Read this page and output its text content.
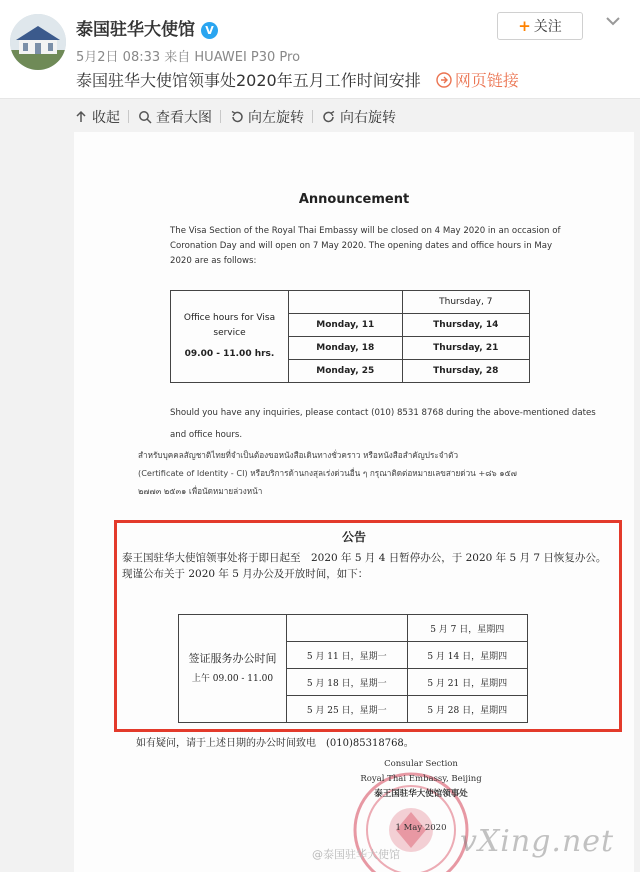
泰国驻华大使馆 V
5月2日 08:33 来自 HUAWEI P30 Pro
+ 关注
泰国驻华大使馆领事处2020年五月工作时间安排 网页链接
收起	查看大图	向左旋转	向右旋转
Announcement
The Visa Section of the Royal Thai Embassy will be closed on 4 May 2020 in an occasion of Coronation Day and will open on 7 May 2020. The opening dates and office hours in May 2020 are as follows:
Office hours for Visa service
09.00 - 11.00 hrs.		Thursday, 7
	Monday, 11	Thursday, 14
	Monday, 18	Thursday, 21
	Monday, 25	Thursday, 28
Should you have any inquiries, please contact (010) 8531 8768 during the above-mentioned dates and office hours.
สำหรับบุคคลสัญชาติไทยที่จำเป็นต้องขอหนังสือเดินทางชั่วคราว หรือหนังสือสำคัญประจำตัว
(Certificate of Identity - CI) หรือบริการด้านกงสุลเร่งด่วนอื่น ๆ กรุณาติดต่อหมายเลขสายด่วน +๘๖ ๑๕๗
๒๗๗๓ ๒๕๓๑ เพื่อนัดหมายล่วงหน้า
公告
泰王国驻华大使馆领事处将于即日起至　2020 年 5 月 4 日暂停办公，于 2020 年 5 月 7 日恢复办公。现谨公布关于 2020 年 5 月办公及开放时间，如下：
签证服务办公时间
上午 09.00 - 11.00		5 月 7 日，星期四
	5 月 11 日，星期一	5 月 14 日，星期四
	5 月 18 日，星期一	5 月 21 日，星期四
	5 月 25 日，星期一	5 月 28 日，星期四
如有疑问，请于上述日期的办公时间致电　(010)85318768。
Consular Section
Royal Thai Embassy, Beijing
泰王国驻华大使馆领事处
1 May 2020
@泰国驻华大使馆 vXing.net
